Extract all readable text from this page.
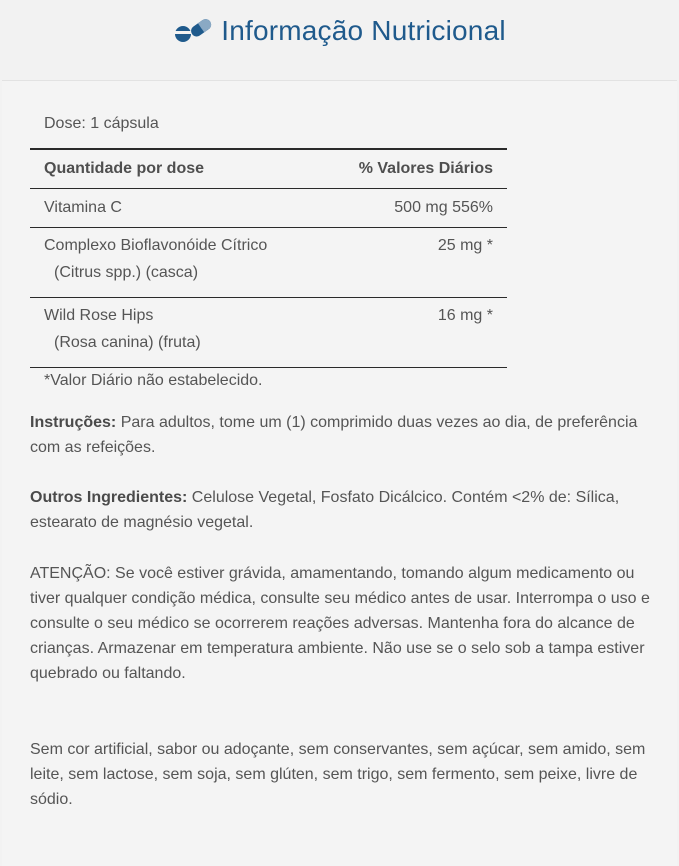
Informação Nutricional
Dose: 1 cápsula
Quantidade por dose	% Valores Diários
Vitamina C	500 mg 556%
Complexo Bioflavonóide Cítrico	25 mg *
(Citrus spp.) (casca)
Wild Rose Hips	16 mg *
(Rosa canina) (fruta)
*Valor Diário não estabelecido.
Instruções: Para adultos, tome um (1) comprimido duas vezes ao dia, de preferência com as refeições.
Outros Ingredientes: Celulose Vegetal, Fosfato Dicálcico. Contém <2% de: Sílica, estearato de magnésio vegetal.
ATENÇÃO: Se você estiver grávida, amamentando, tomando algum medicamento ou tiver qualquer condição médica, consulte seu médico antes de usar. Interrompa o uso e consulte o seu médico se ocorrerem reações adversas. Mantenha fora do alcance de crianças. Armazenar em temperatura ambiente. Não use se o selo sob a tampa estiver quebrado ou faltando.
Sem cor artificial, sabor ou adoçante, sem conservantes, sem açúcar, sem amido, sem leite, sem lactose, sem soja, sem glúten, sem trigo, sem fermento, sem peixe, livre de sódio.
